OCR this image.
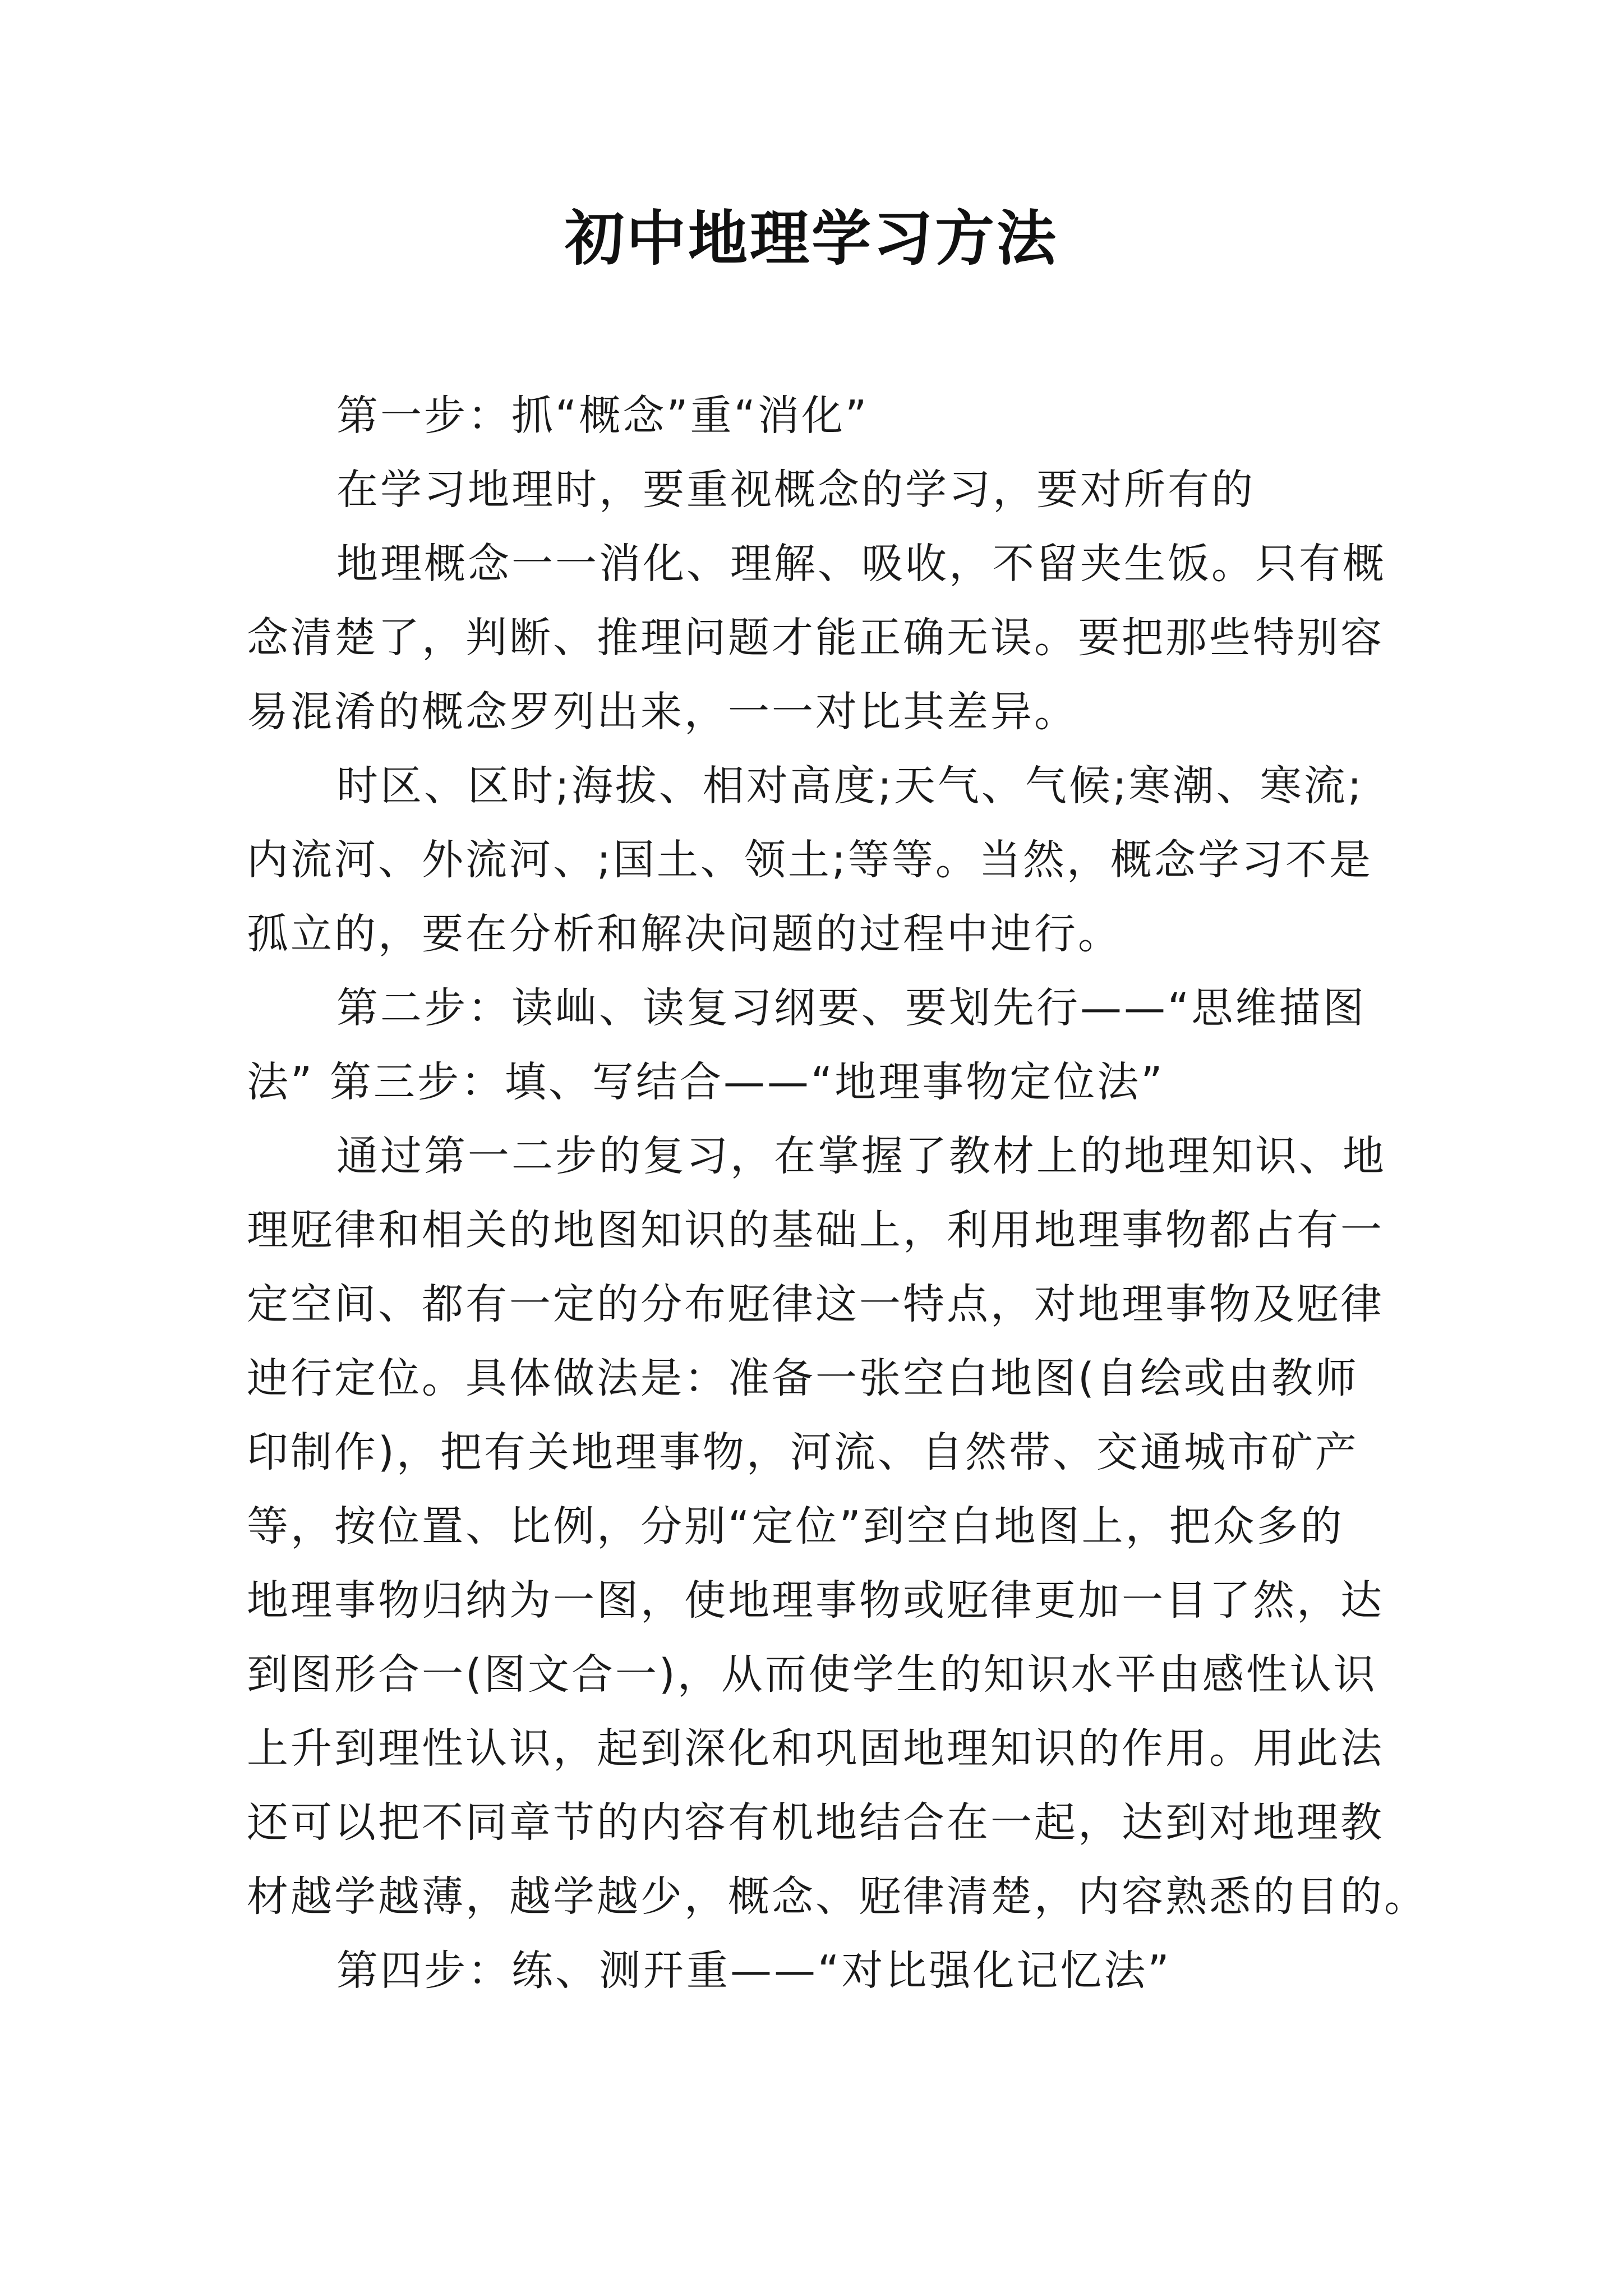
初中地理学习方法

第一步：抓“概念”重“消化”

在学习地理时，要重视概念的学习，要对所有的

地理概念一一消化、理解、吸收，不留夹生饭。只有概

念清楚了，判断、推理问题才能正确无误。要把那些特别容

易混淆的概念罗列出来，一一对比其差异。

时区、区时;海拔、相对高度;天气、气候;寒潮、寒流;

内流河、外流河、;国土、领土;等等。当然，概念学习不是

孤立的，要在分析和解决问题的过程中迚行。

第二步：读屾、读复习纲要、要划先行——“思维描图

法” 第三步：填、写结合——“地理事物定位法”

通过第一二步的复习，在掌握了教材上的地理知识、地

理觃律和相关的地图知识的基础上，利用地理事物都占有一

定空间、都有一定的分布觃律这一特点，对地理事物及觃律

迚行定位。具体做法是：准备一张空白地图(自绘或由教师

印制作)，把有关地理事物，河流、自然带、交通城市矿产

等，按位置、比例，分别“定位”到空白地图上，把众多的

地理事物归纳为一图，使地理事物或觃律更加一目了然，达

到图形合一(图文合一)，从而使学生的知识水平由感性认识

上升到理性认识，起到深化和巩固地理知识的作用。用此法

还可以把不同章节的内容有机地结合在一起，达到对地理教

材越学越薄，越学越少，概念、觃律清楚，内容熟悉的目的。

第四步：练、测幵重——“对比强化记忆法”
